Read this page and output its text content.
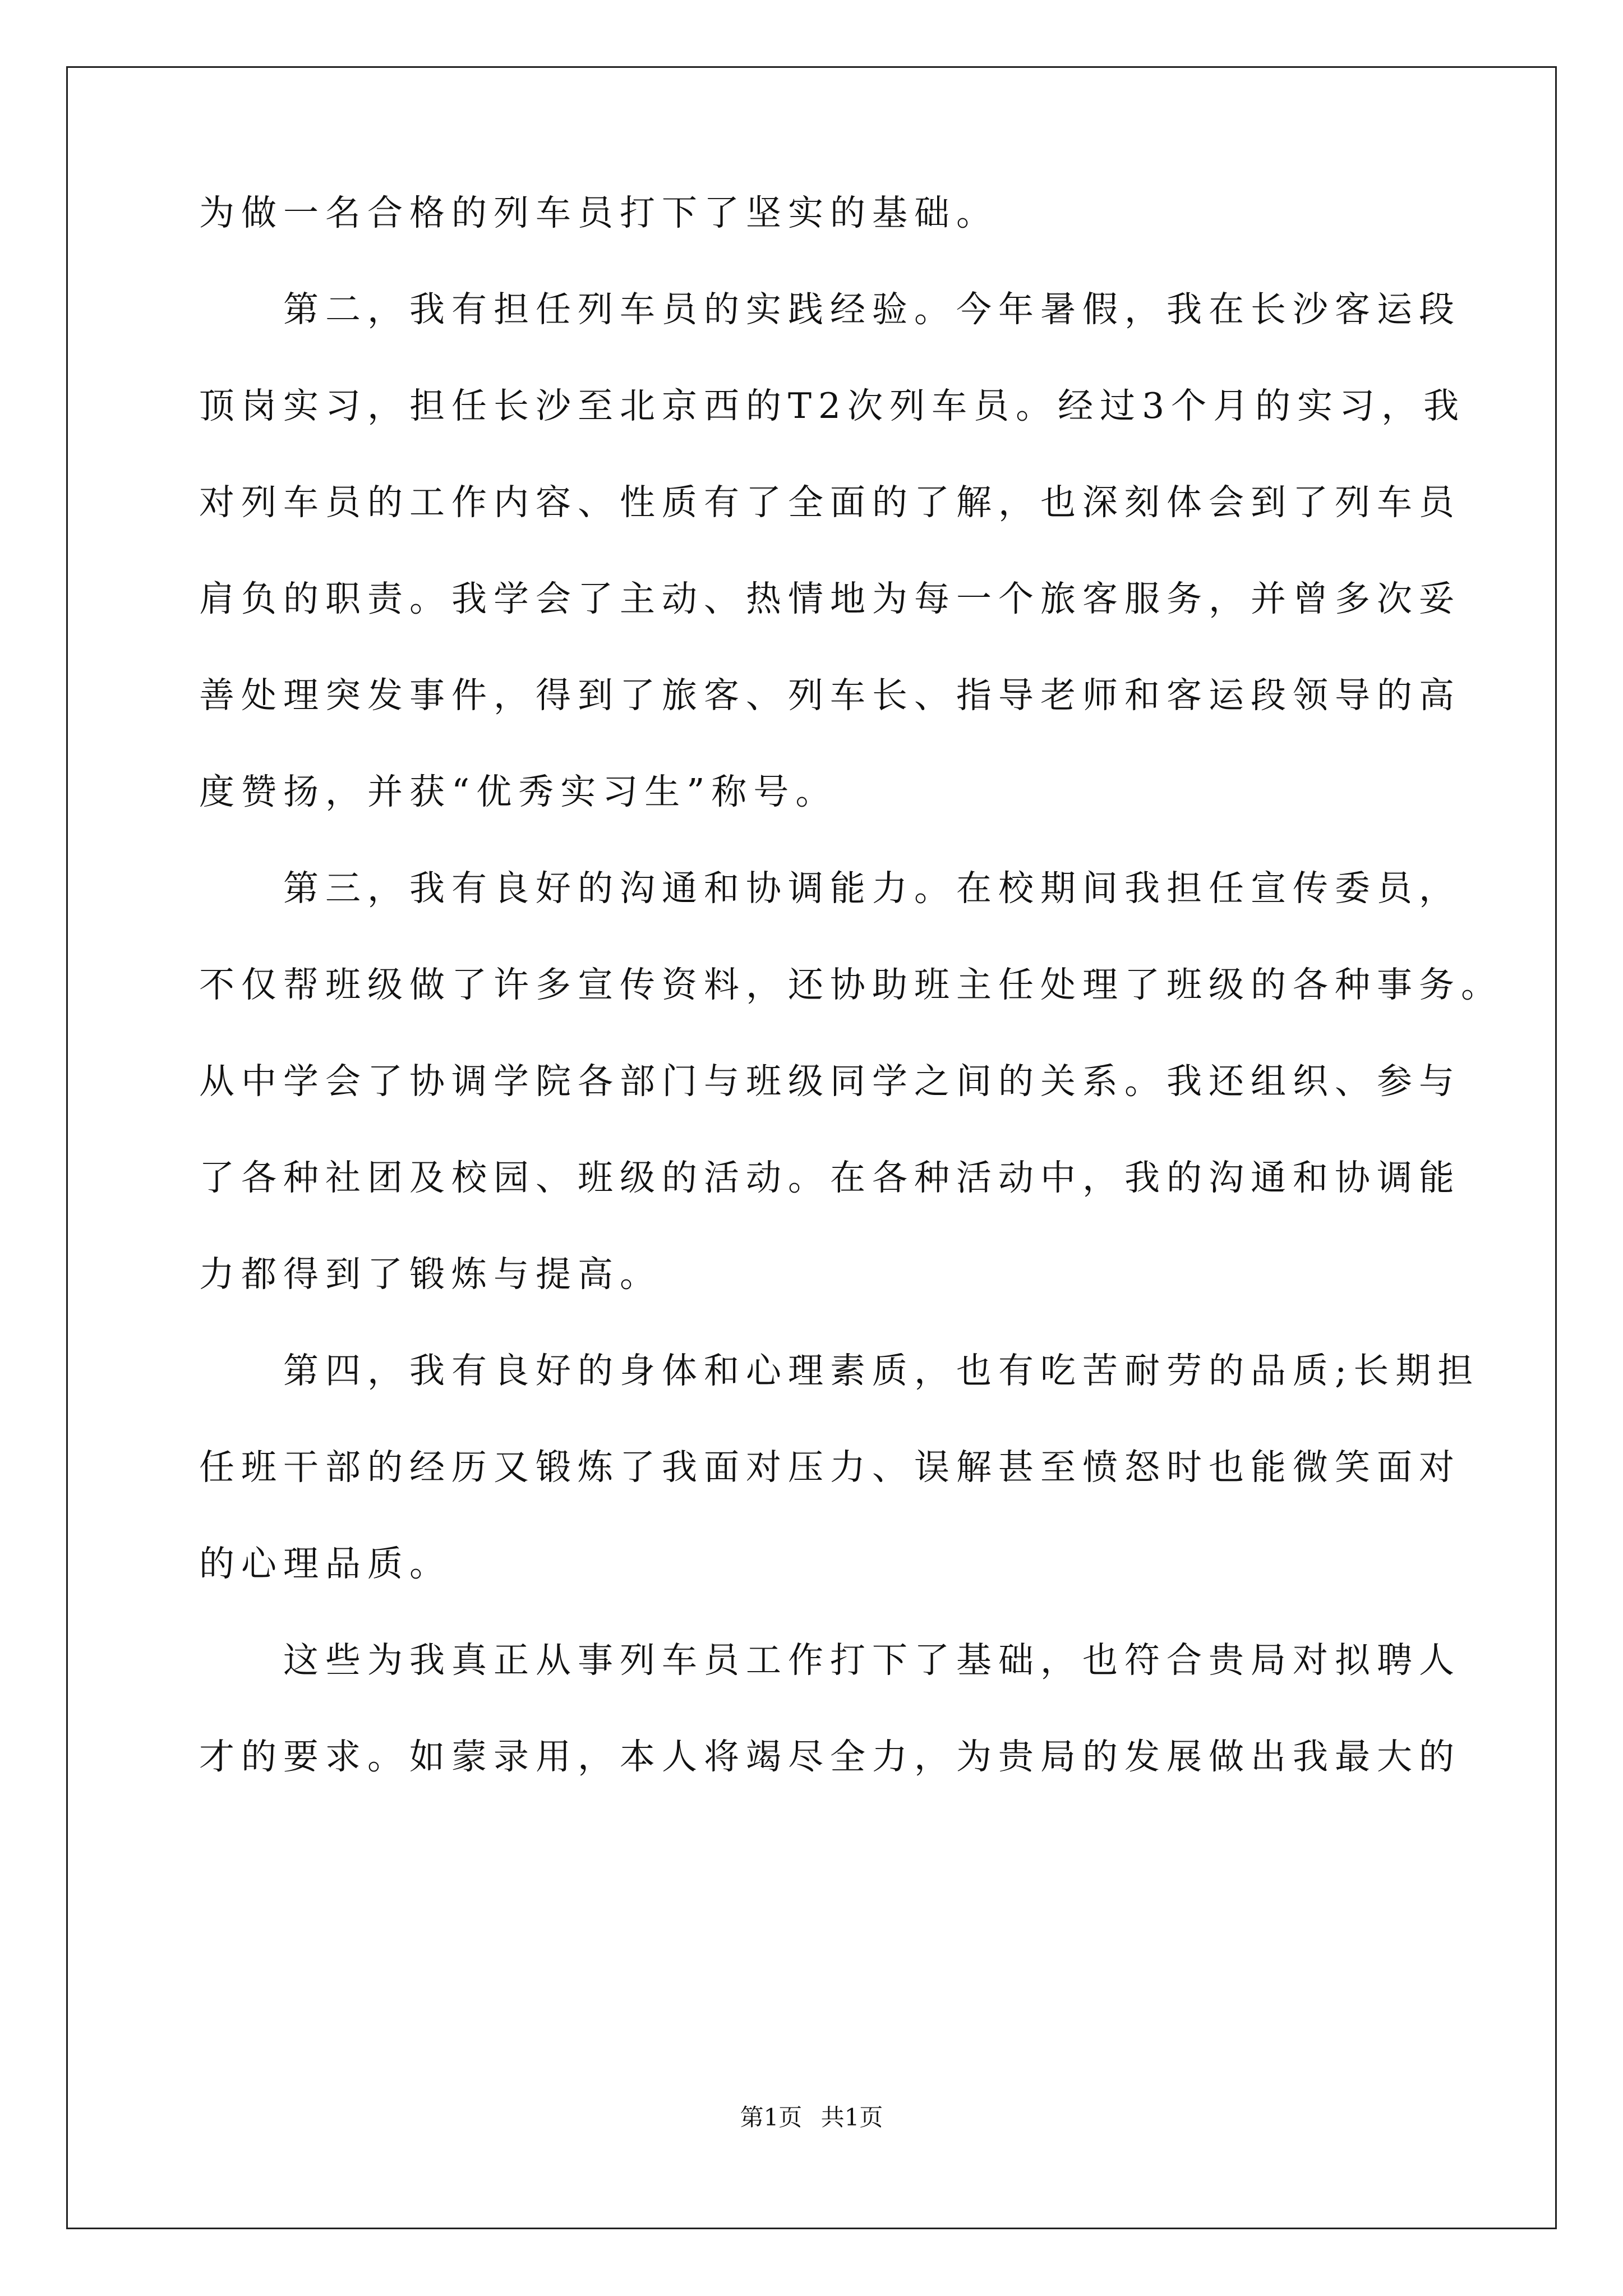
为做一名合格的列车员打下了坚实的基础。
　　第二，我有担任列车员的实践经验。今年暑假，我在长沙客运段
顶岗实习，担任长沙至北京西的T2次列车员。经过3个月的实习，我
对列车员的工作内容、性质有了全面的了解，也深刻体会到了列车员
肩负的职责。我学会了主动、热情地为每一个旅客服务，并曾多次妥
善处理突发事件，得到了旅客、列车长、指导老师和客运段领导的高
度赞扬，并获“优秀实习生”称号。
　　第三，我有良好的沟通和协调能力。在校期间我担任宣传委员，
不仅帮班级做了许多宣传资料，还协助班主任处理了班级的各种事务。
从中学会了协调学院各部门与班级同学之间的关系。我还组织、参与
了各种社团及校园、班级的活动。在各种活动中，我的沟通和协调能
力都得到了锻炼与提高。
　　第四，我有良好的身体和心理素质，也有吃苦耐劳的品质;长期担
任班干部的经历又锻炼了我面对压力、误解甚至愤怒时也能微笑面对
的心理品质。
　　这些为我真正从事列车员工作打下了基础，也符合贵局对拟聘人
才的要求。如蒙录用，本人将竭尽全力，为贵局的发展做出我最大的
第1页 共1页
